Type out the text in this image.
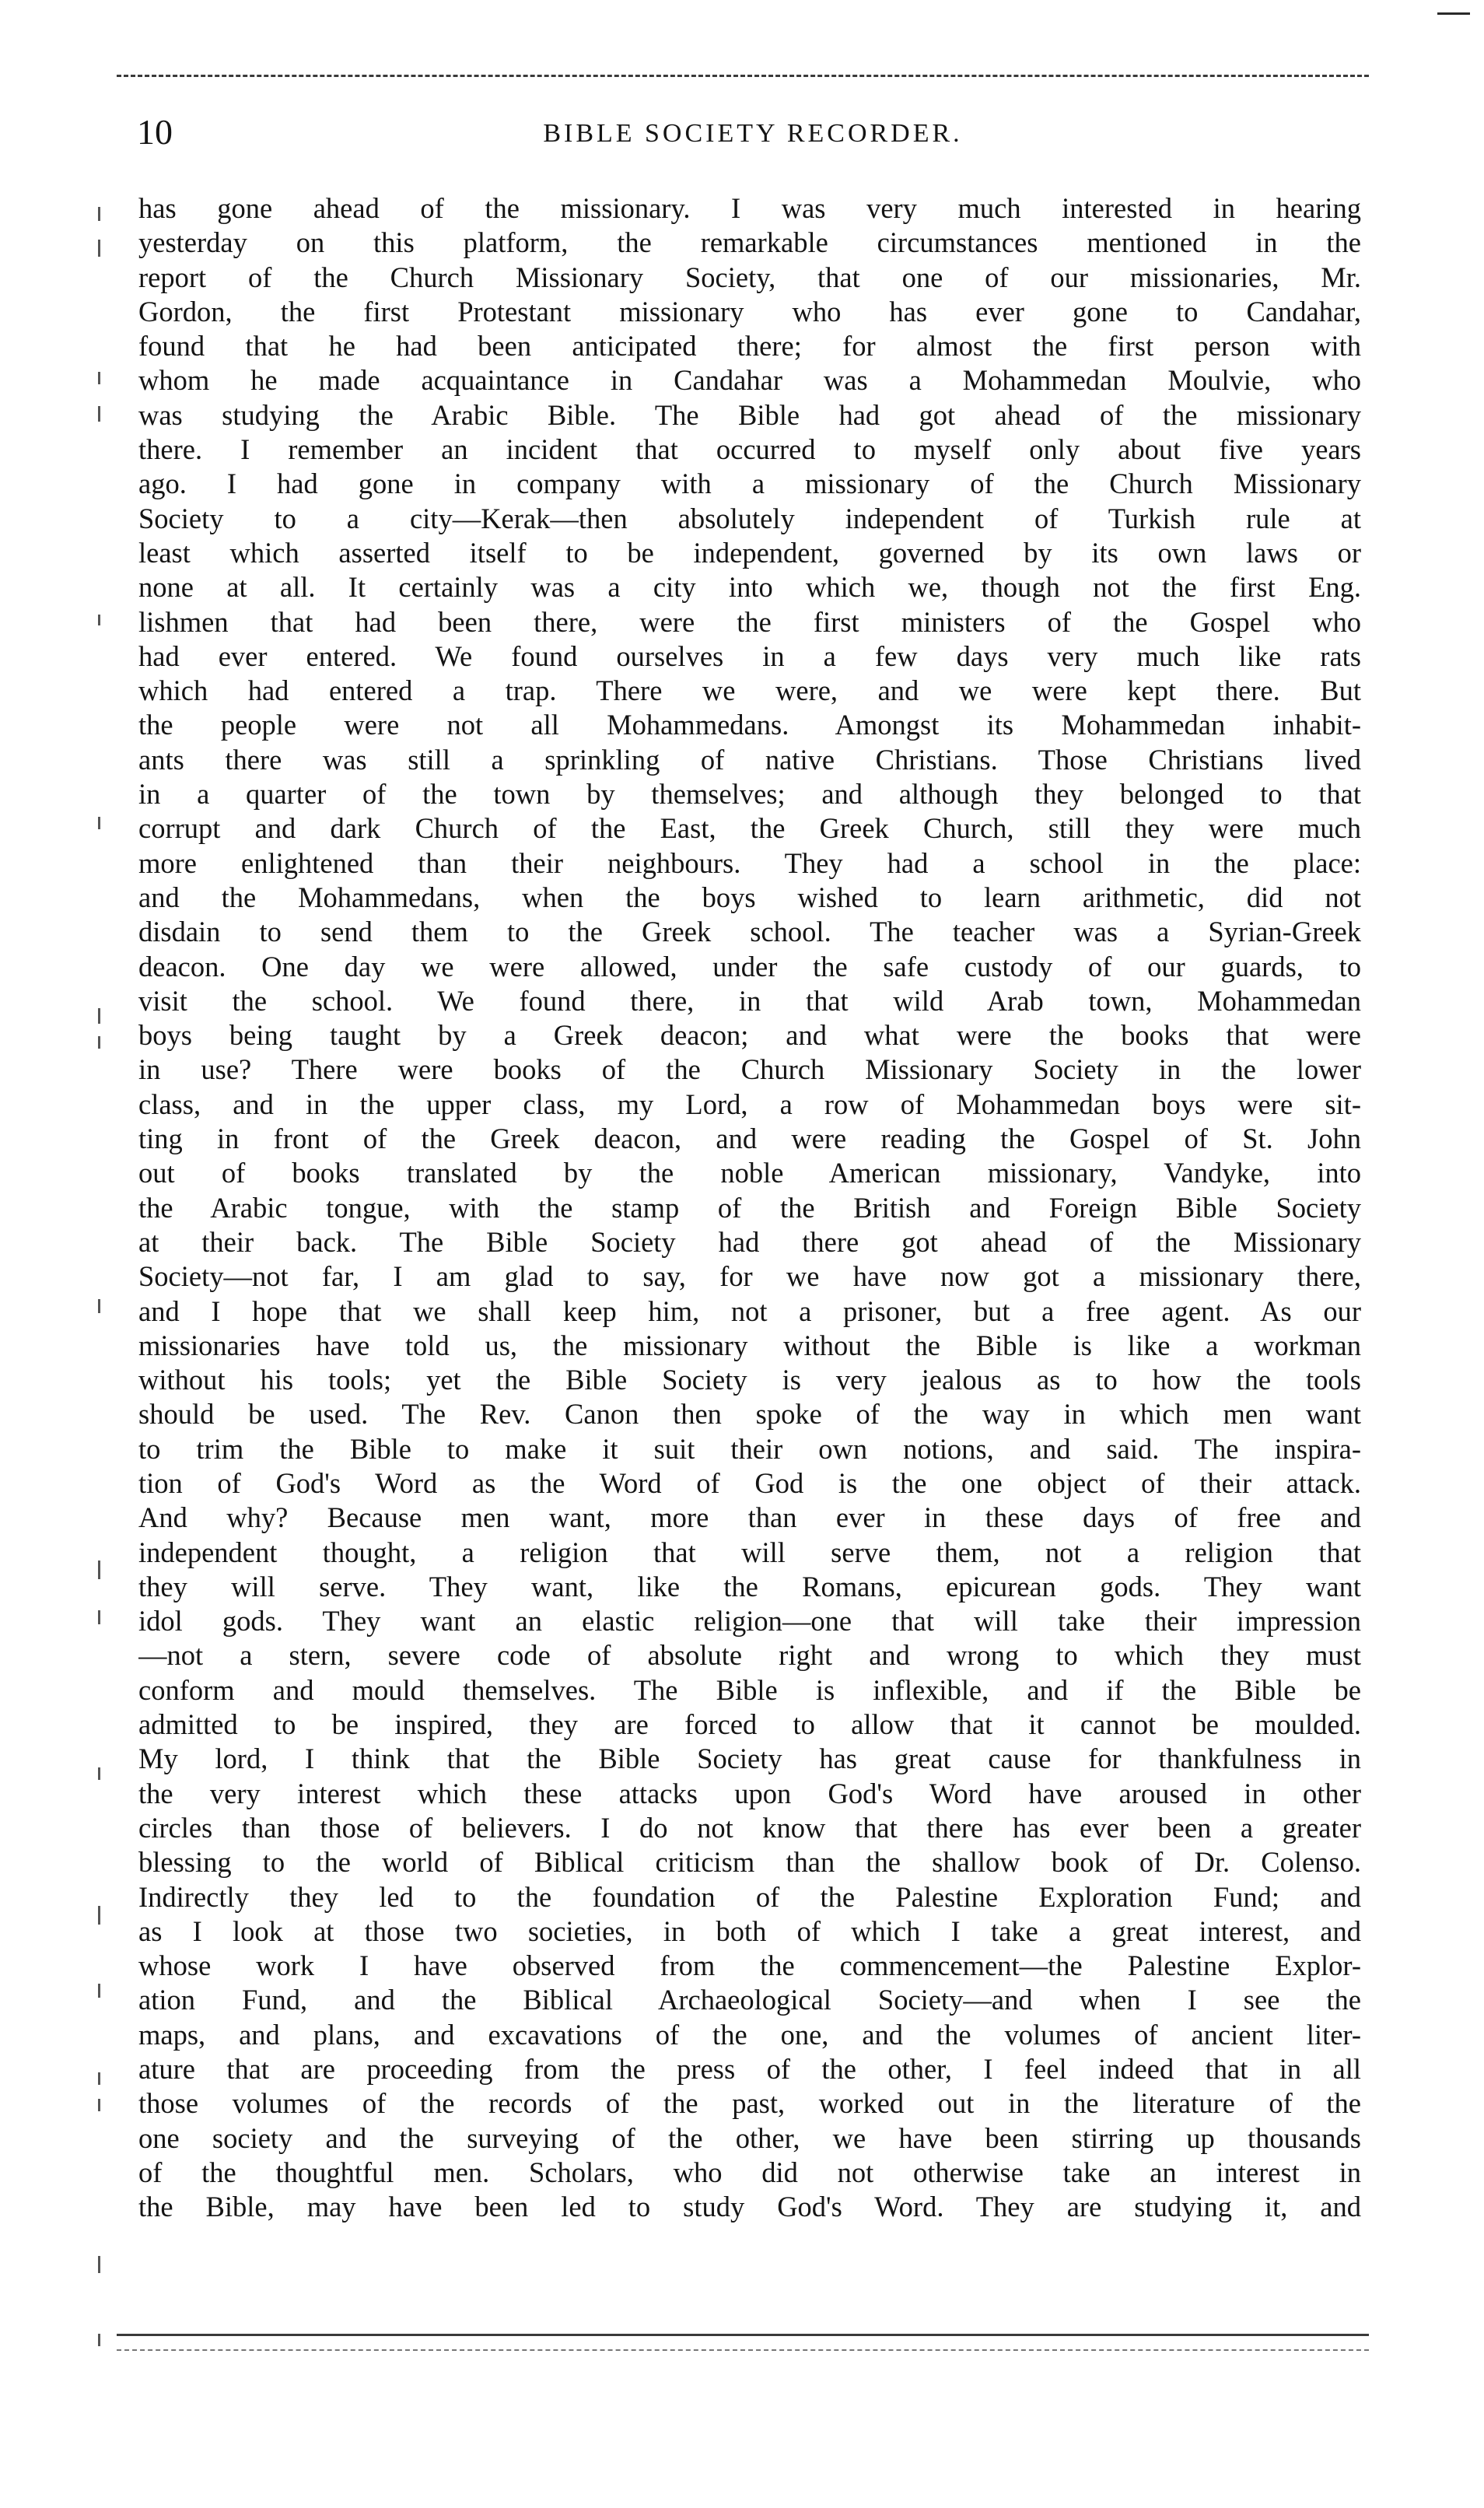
10	BIBLE SOCIETY RECORDER.
has gone ahead of the missionary. I was very much interested in hearing
yesterday on this platform, the remarkable circumstances mentioned in the
report of the Church Missionary Society, that one of our missionaries, Mr.
Gordon, the first Protestant missionary who has ever gone to Candahar,
found that he had been anticipated there; for almost the first person with
whom he made acquaintance in Candahar was a Mohammedan Moulvie, who
was studying the Arabic Bible. The Bible had got ahead of the missionary
there. I remember an incident that occurred to myself only about five years
ago. I had gone in company with a missionary of the Church Missionary
Society to a city—Kerak—then absolutely independent of Turkish rule at
least which asserted itself to be independent, governed by its own laws or
none at all. It certainly was a city into which we, though not the first Eng.
lishmen that had been there, were the first ministers of the Gospel who
had ever entered. We found ourselves in a few days very much like rats
which had entered a trap. There we were, and we were kept there. But
the people were not all Mohammedans. Amongst its Mohammedan inhabit-
ants there was still a sprinkling of native Christians. Those Christians lived
in a quarter of the town by themselves; and although they belonged to that
corrupt and dark Church of the East, the Greek Church, still they were much
more enlightened than their neighbours. They had a school in the place:
and the Mohammedans, when the boys wished to learn arithmetic, did not
disdain to send them to the Greek school. The teacher was a Syrian-Greek
deacon. One day we were allowed, under the safe custody of our guards, to
visit the school. We found there, in that wild Arab town, Mohammedan
boys being taught by a Greek deacon; and what were the books that were
in use? There were books of the Church Missionary Society in the lower
class, and in the upper class, my Lord, a row of Mohammedan boys were sit-
ting in front of the Greek deacon, and were reading the Gospel of St. John
out of books translated by the noble American missionary, Vandyke, into
the Arabic tongue, with the stamp of the British and Foreign Bible Society
at their back. The Bible Society had there got ahead of the Missionary
Society—not far, I am glad to say, for we have now got a missionary there,
and I hope that we shall keep him, not a prisoner, but a free agent. As our
missionaries have told us, the missionary without the Bible is like a workman
without his tools; yet the Bible Society is very jealous as to how the tools
should be used. The Rev. Canon then spoke of the way in which men want
to trim the Bible to make it suit their own notions, and said. The inspira-
tion of God's Word as the Word of God is the one object of their attack.
And why? Because men want, more than ever in these days of free and
independent thought, a religion that will serve them, not a religion that
they will serve. They want, like the Romans, epicurean gods. They want
idol gods. They want an elastic religion—one that will take their impression
—not a stern, severe code of absolute right and wrong to which they must
conform and mould themselves. The Bible is inflexible, and if the Bible be
admitted to be inspired, they are forced to allow that it cannot be moulded.
My lord, I think that the Bible Society has great cause for thankfulness in
the very interest which these attacks upon God's Word have aroused in other
circles than those of believers. I do not know that there has ever been a greater
blessing to the world of Biblical criticism than the shallow book of Dr. Colenso.
Indirectly they led to the foundation of the Palestine Exploration Fund; and
as I look at those two societies, in both of which I take a great interest, and
whose work I have observed from the commencement—the Palestine Explor-
ation Fund, and the Biblical Archaeological Society—and when I see the
maps, and plans, and excavations of the one, and the volumes of ancient liter-
ature that are proceeding from the press of the other, I feel indeed that in all
those volumes of the records of the past, worked out in the literature of the
one society and the surveying of the other, we have been stirring up thousands
of the thoughtful men. Scholars, who did not otherwise take an interest in
the Bible, may have been led to study God's Word. They are studying it, and
